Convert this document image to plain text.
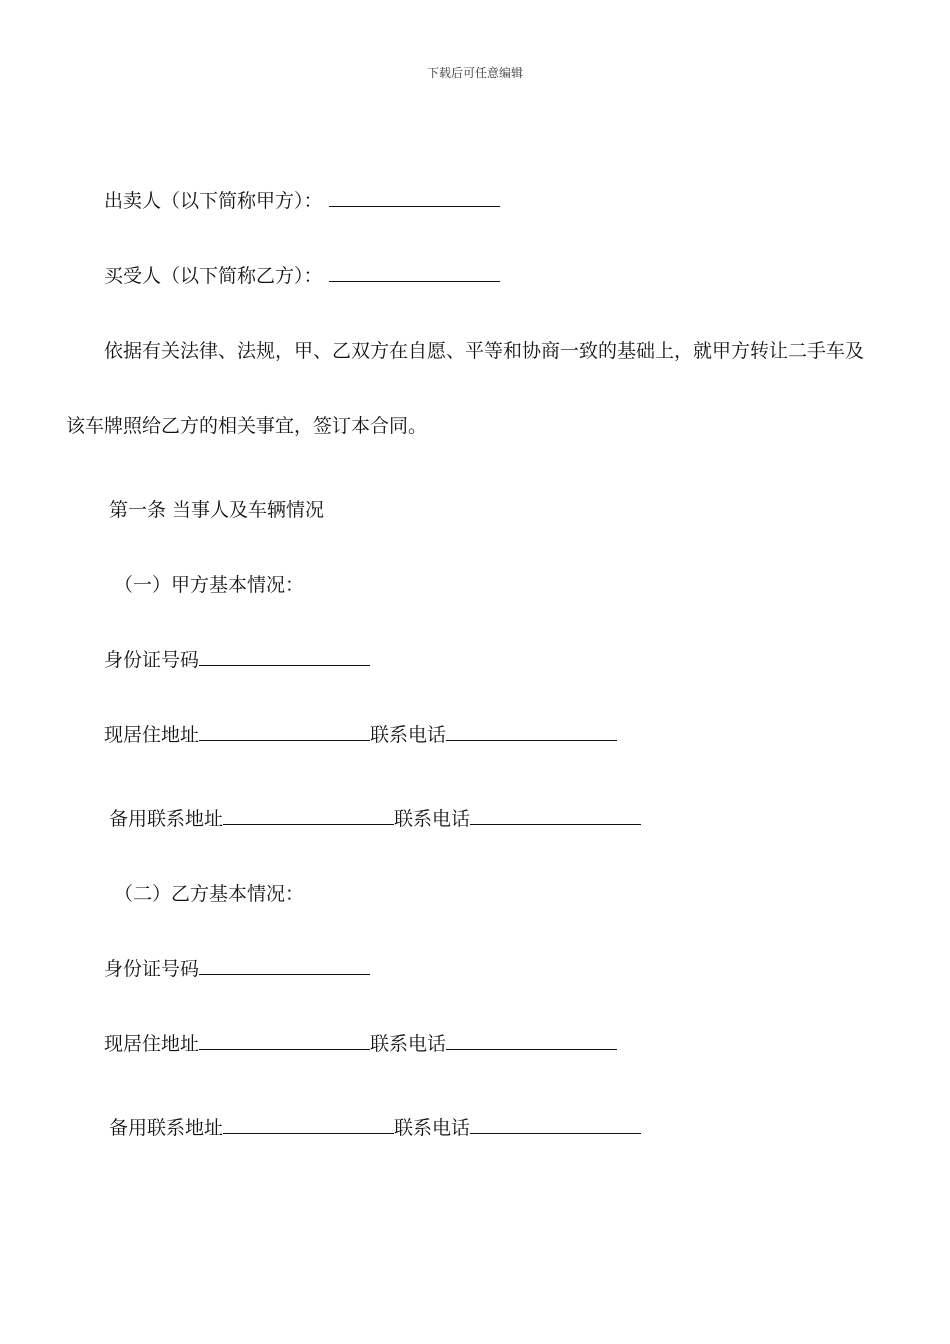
下载后可任意编辑
出卖人（以下简称甲方）：
买受人（以下简称乙方）：
依据有关法律、法规，甲、乙双方在自愿、平等和协商一致的基础上，就甲方转让二手车及
该车牌照给乙方的相关事宜，签订本合同。
第一条 当事人及车辆情况
（一）甲方基本情况：
身份证号码
现居住地址	联系电话
备用联系地址	联系电话
（二）乙方基本情况：
身份证号码
现居住地址	联系电话
备用联系地址	联系电话
